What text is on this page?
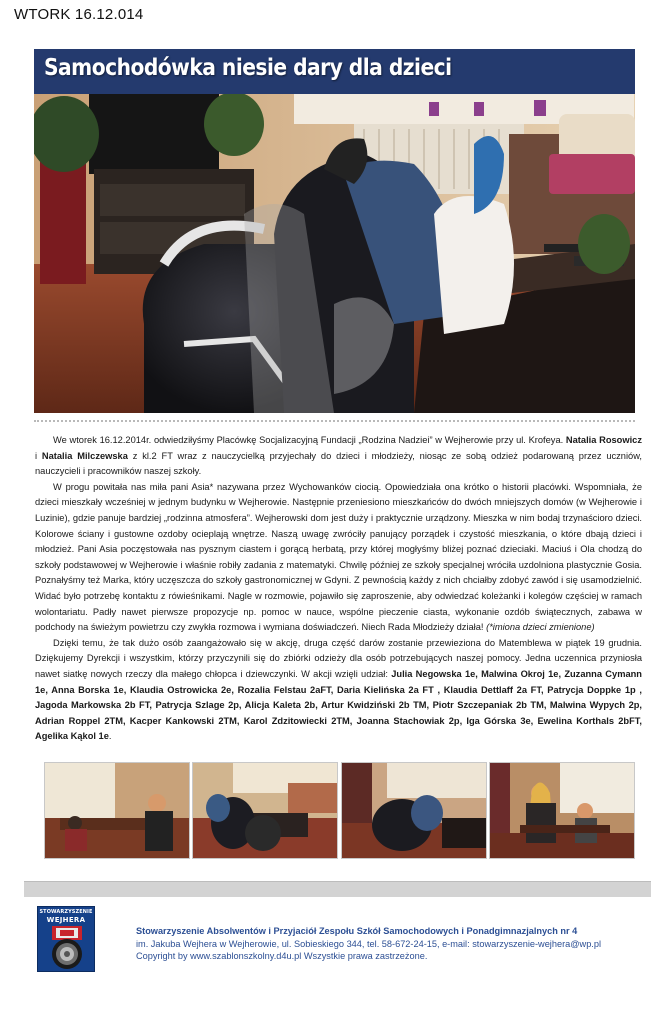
WTORK 16.12.014
Samochodówka niesie dary dla dzieci

We wtorek 16.12.2014r. odwiedziłyśmy Placówkę Socjalizacyjną Fundacji „Rodzina Nadziei” w Wejherowie przy ul. Krofeya. Natalia Rosowicz i Natalia Milczewska z kl.2 FT wraz z nauczycielką przyjechały do dzieci i młodzieży, niosąc ze sobą odzież podarowaną przez uczniów, nauczycieli i pracowników naszej szkoły.

W progu powitała nas miła pani Asia* nazywana przez Wychowanków ciocią. Opowiedziała ona krótko o historii placówki. Wspomniała, że dzieci mieszkały wcześniej w jednym budynku w Wejherowie. Następnie przeniesiono mieszkańców do dwóch mniejszych domów (w Wejherowie i Luzinie), gdzie panuje bardziej „rodzinna atmosfera”. Wejherowski dom jest duży i praktycznie urządzony. Mieszka w nim bodaj trzynaścioro dzieci. Kolorowe ściany i gustowne ozdoby ocieplają wnętrze. Naszą uwagę zwróciły panujący porządek i czystość mieszkania, o które dbają dzieci i młodzież. Pani Asia poczęstowała nas pysznym ciastem i gorącą herbatą, przy której mogłyśmy bliżej poznać dzieciaki. Maciuś i Ola chodzą do szkoły podstawowej w Wejherowie i właśnie robiły zadania z matematyki. Chwilę później ze szkoły specjalnej wróciła uzdolniona plastycznie Gosia. Poznałyśmy też Marka, który uczęszcza do szkoły gastronomicznej w Gdyni. Z pewnością każdy z nich chciałby zdobyć zawód i się usamodzielnić. Widać było potrzebę kontaktu z rówieśnikami. Nagle w rozmowie, pojawiło się zaproszenie, aby odwiedzać koleżanki i kolegów częściej w ramach wolontariatu. Padły nawet pierwsze propozycje np. pomoc w nauce, wspólne pieczenie ciasta, wykonanie ozdób świątecznych, zabawa w podchody na świeżym powietrzu czy zwykła rozmowa i wymiana doświadczeń. Niech Rada Młodzieży działa! (*imiona dzieci zmienione)

Dzięki temu, że tak dużo osób zaangażowało się w akcję, druga część darów zostanie przewieziona do Matemblewa w piątek 19 grudnia. Dziękujemy Dyrekcji i wszystkim, którzy przyczynili się do zbiórki odzieży dla osób potrzebujących naszej pomocy. Jedna uczennica przyniosła nawet siatkę nowych rzeczy dla małego chłopca i dziewczynki. W akcji wzięli udział: Julia Negowska 1e, Malwina Okroj 1e, Zuzanna Cymann 1e, Anna Borska 1e, Klaudia Ostrowicka 2e, Rozalia Felstau 2aFT, Daria Kielińska 2a FT , Klaudia Dettlaff 2a FT, Patrycja Doppke 1p , Jagoda Markowska 2b FT, Patrycja Szlage 2p, Alicja Kaleta 2b, Artur Kwidziński 2b TM, Piotr Szczepaniak 2b TM, Malwina Wypych 2p, Adrian Roppel 2TM, Kacper Kankowski 2TM, Karol Zdzitowiecki 2TM, Joanna Stachowiak 2p, Iga Górska 3e, Ewelina Korthals 2bFT, Agelika Kąkol 1e.

STOWARZYSZENIE
WEJHERA
Stowarzyszenie Absolwentów i Przyjaciół Zespołu Szkół Samochodowych i Ponadgimnazjalnych nr 4
im. Jakuba Wejhera w Wejherowie, ul. Sobieskiego 344, tel. 58-672-24-15, e-mail: stowarzyszenie-wejhera@wp.pl
Copyright by www.szablonszkolny.d4u.pl Wszystkie prawa zastrzeżone.
